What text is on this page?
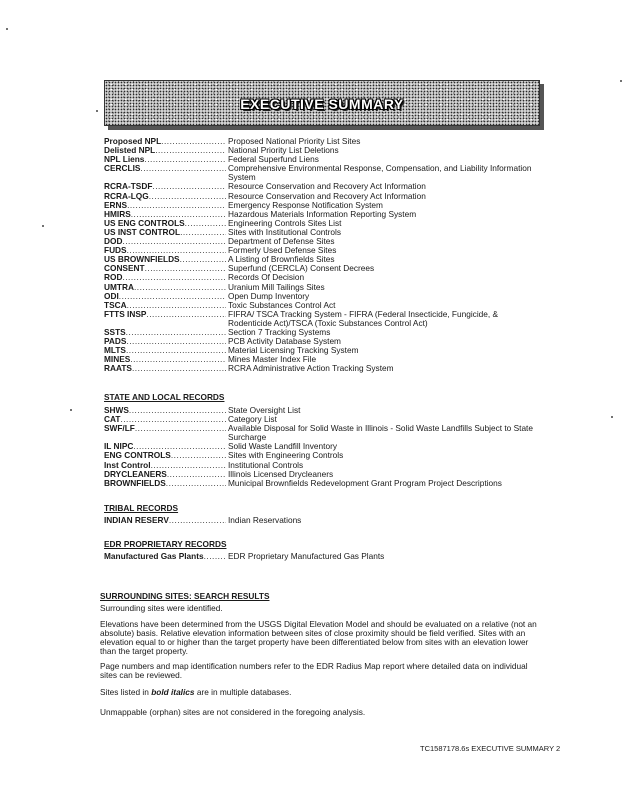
EXECUTIVE SUMMARY
Proposed NPL .....	Proposed National Priority List Sites
Delisted NPL .....	National Priority List Deletions
NPL Liens .....	Federal Superfund Liens
CERCLIS .....	Comprehensive Environmental Response, Compensation, and Liability Information System
RCRA-TSDF .....	Resource Conservation and Recovery Act Information
RCRA-LQG .....	Resource Conservation and Recovery Act Information
ERNS .....	Emergency Response Notification System
HMIRS .....	Hazardous Materials Information Reporting System
US ENG CONTROLS .....	Engineering Controls Sites List
US INST CONTROL .....	Sites with Institutional Controls
DOD .....	Department of Defense Sites
FUDS .....	Formerly Used Defense Sites
US BROWNFIELDS .....	A Listing of Brownfields Sites
CONSENT .....	Superfund (CERCLA) Consent Decrees
ROD .....	Records Of Decision
UMTRA .....	Uranium Mill Tailings Sites
ODI .....	Open Dump Inventory
TSCA .....	Toxic Substances Control Act
FTTS INSP .....	FIFRA/ TSCA Tracking System - FIFRA (Federal Insecticide, Fungicide, & Rodenticide Act)/TSCA (Toxic Substances Control Act)
SSTS .....	Section 7 Tracking Systems
PADS .....	PCB Activity Database System
MLTS .....	Material Licensing Tracking System
MINES .....	Mines Master Index File
RAATS .....	RCRA Administrative Action Tracking System
STATE AND LOCAL RECORDS
SHWS .....	State Oversight List
CAT .....	Category List
SWF/LF .....	Available Disposal for Solid Waste in Illinois - Solid Waste Landfills Subject to State Surcharge
IL NIPC .....	Solid Waste Landfill Inventory
ENG CONTROLS .....	Sites with Engineering Controls
Inst Control .....	Institutional Controls
DRYCLEANERS .....	Illinois Licensed Drycleaners
BROWNFIELDS .....	Municipal Brownfields Redevelopment Grant Program Project Descriptions
TRIBAL RECORDS
INDIAN RESERV .....	Indian Reservations
EDR PROPRIETARY RECORDS
Manufactured Gas Plants .....	EDR Proprietary Manufactured Gas Plants
SURROUNDING SITES: SEARCH RESULTS
Surrounding sites were identified.
Elevations have been determined from the USGS Digital Elevation Model and should be evaluated on a relative (not an absolute) basis. Relative elevation information between sites of close proximity should be field verified. Sites with an elevation equal to or higher than the target property have been differentiated below from sites with an elevation lower than the target property.
Page numbers and map identification numbers refer to the EDR Radius Map report where detailed data on individual sites can be reviewed.
Sites listed in bold italics are in multiple databases.
Unmappable (orphan) sites are not considered in the foregoing analysis.
TC1587178.6s EXECUTIVE SUMMARY 2
